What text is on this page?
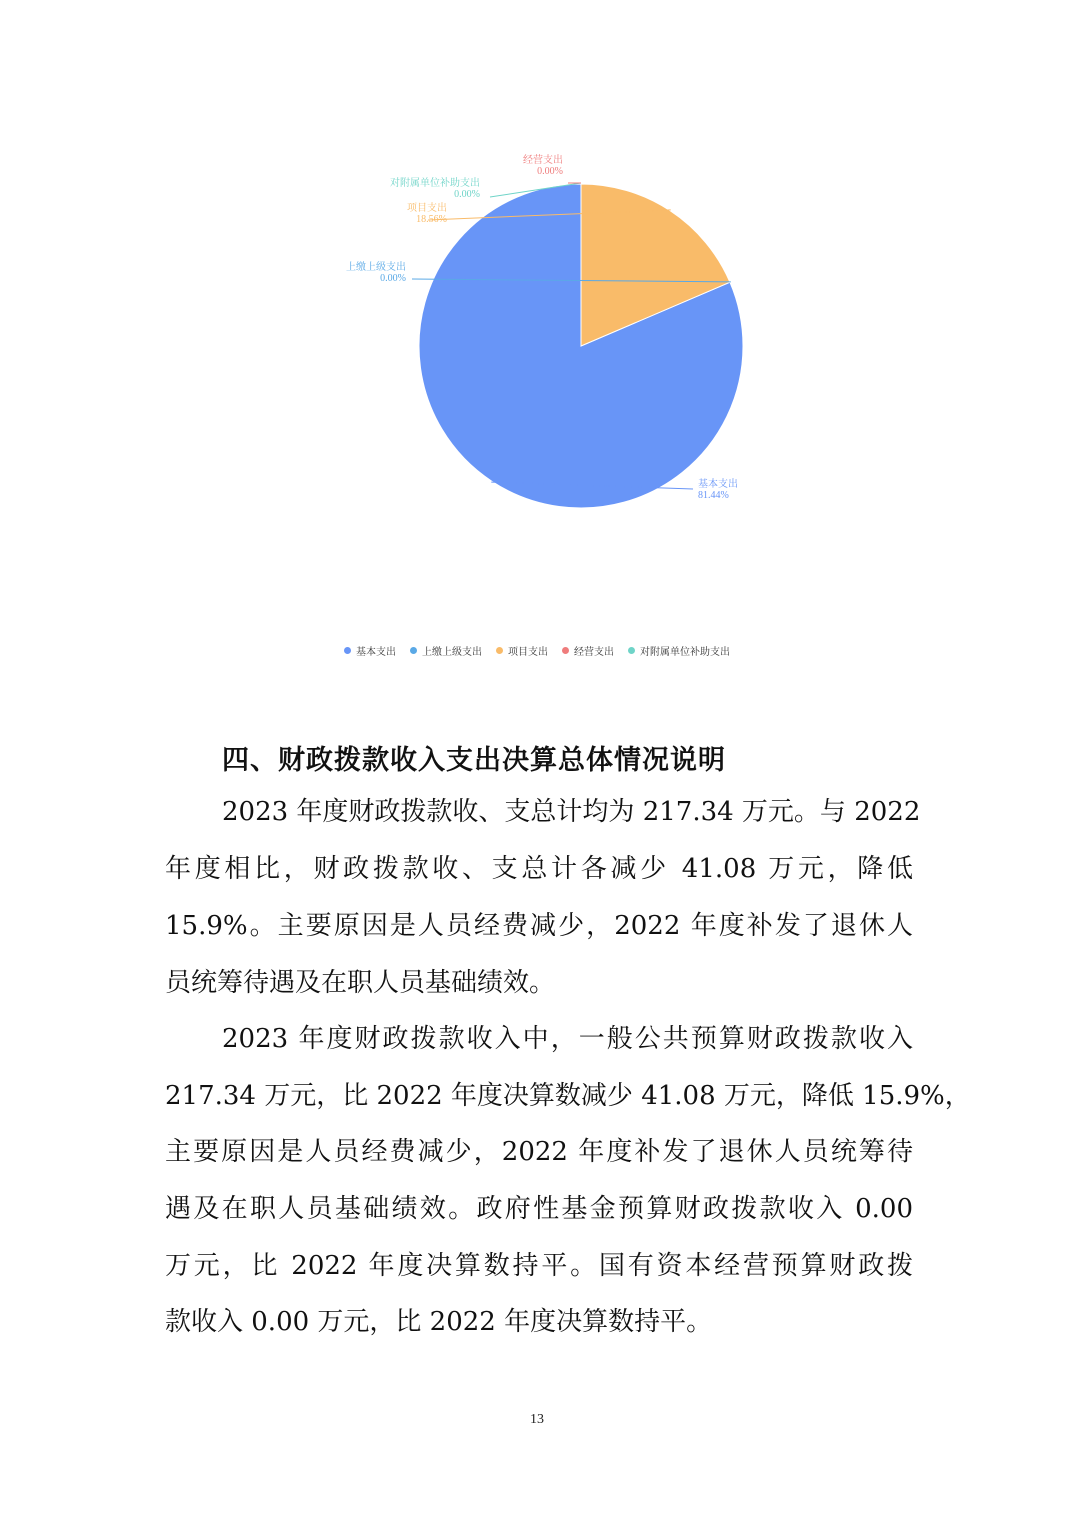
基本支出
81.44%
上缴上级支出
0.00%
项目支出
18.56%
对附属单位补助支出
0.00%
经营支出
0.00%
基本支出	上缴上级支出	项目支出	经营支出	对附属单位补助支出
四、财政拨款收入支出决算总体情况说明

2023 年度财政拨款收、支总计均为 217.34 万元。与 2022

年度相比，财政拨款收、支总计各减少 41.08 万元，降低

15.9%。主要原因是人员经费减少，2022 年度补发了退休人

员统筹待遇及在职人员基础绩效。

2023 年度财政拨款收入中，一般公共预算财政拨款收入

217.34 万元，比 2022 年度决算数减少 41.08 万元，降低 15.9%，

主要原因是人员经费减少，2022 年度补发了退休人员统筹待

遇及在职人员基础绩效。政府性基金预算财政拨款收入 0.00

万元，比 2022 年度决算数持平。国有资本经营预算财政拨

款收入 0.00 万元，比 2022 年度决算数持平。

13
